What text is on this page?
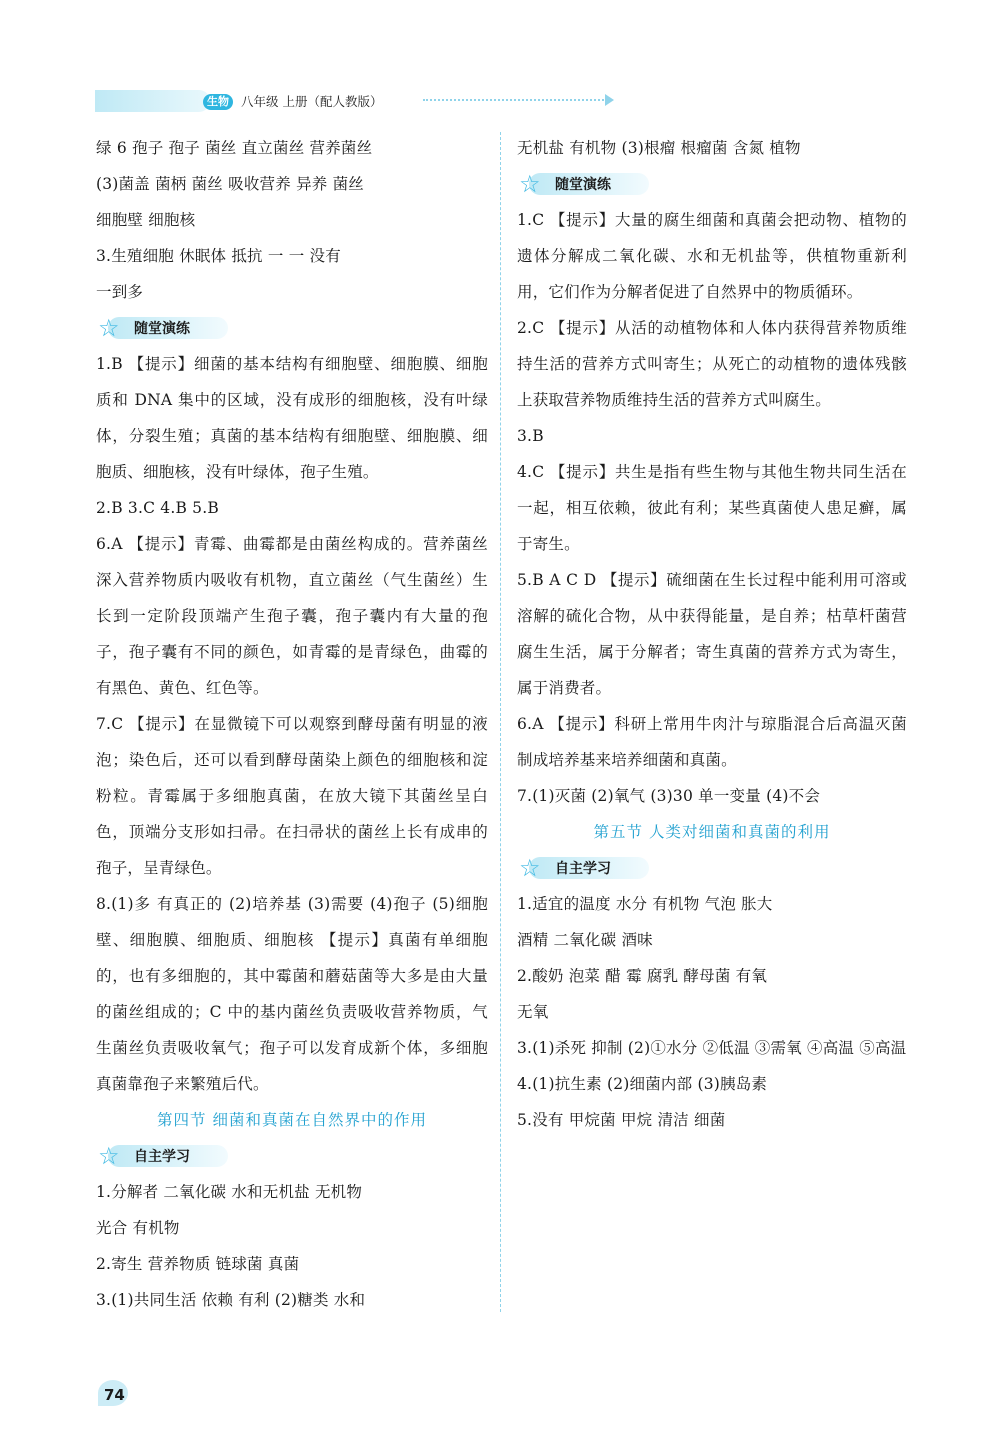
生物 八年级 上册（配人教版）

绿 6 孢子 孢子 菌丝 直立菌丝 营养菌丝

(3)菌盖 菌柄 菌丝 吸收营养 异养 菌丝

细胞壁 细胞核

3.生殖细胞 休眠体 抵抗 一 一 没有

一到多

☆	随堂演练

1.B 【提示】细菌的基本结构有细胞壁、细胞膜、细胞质和 DNA 集中的区域，没有成形的细胞核，没有叶绿体，分裂生殖；真菌的基本结构有细胞壁、细胞膜、细胞质、细胞核，没有叶绿体，孢子生殖。

2.B 3.C 4.B 5.B

6.A 【提示】青霉、曲霉都是由菌丝构成的。营养菌丝深入营养物质内吸收有机物，直立菌丝（气生菌丝）生长到一定阶段顶端产生孢子囊，孢子囊内有大量的孢子，孢子囊有不同的颜色，如青霉的是青绿色，曲霉的有黑色、黄色、红色等。

7.C 【提示】在显微镜下可以观察到酵母菌有明显的液泡；染色后，还可以看到酵母菌染上颜色的细胞核和淀粉粒。青霉属于多细胞真菌，在放大镜下其菌丝呈白色，顶端分支形如扫帚。在扫帚状的菌丝上长有成串的孢子，呈青绿色。

8.(1)多 有真正的 (2)培养基 (3)需要 (4)孢子 (5)细胞壁、细胞膜、细胞质、细胞核 【提示】真菌有单细胞的，也有多细胞的，其中霉菌和蘑菇菌等大多是由大量的菌丝组成的；C 中的基内菌丝负责吸收营养物质，气生菌丝负责吸收氧气；孢子可以发育成新个体，多细胞真菌靠孢子来繁殖后代。

第四节 细菌和真菌在自然界中的作用

☆	自主学习

1.分解者 二氧化碳 水和无机盐 无机物

光合 有机物

2.寄生 营养物质 链球菌 真菌

3.(1)共同生活 依赖 有利 (2)糖类 水和

无机盐 有机物 (3)根瘤 根瘤菌 含氮 植物

☆	随堂演练

1.C 【提示】大量的腐生细菌和真菌会把动物、植物的遗体分解成二氧化碳、水和无机盐等，供植物重新利用，它们作为分解者促进了自然界中的物质循环。

2.C 【提示】从活的动植物体和人体内获得营养物质维持生活的营养方式叫寄生；从死亡的动植物的遗体残骸上获取营养物质维持生活的营养方式叫腐生。

3.B

4.C 【提示】共生是指有些生物与其他生物共同生活在一起，相互依赖，彼此有利；某些真菌使人患足癣，属于寄生。

5.B A C D 【提示】硫细菌在生长过程中能利用可溶或溶解的硫化合物，从中获得能量，是自养；枯草杆菌营腐生生活，属于分解者；寄生真菌的营养方式为寄生，属于消费者。

6.A 【提示】科研上常用牛肉汁与琼脂混合后高温灭菌制成培养基来培养细菌和真菌。

7.(1)灭菌 (2)氧气 (3)30 单一变量 (4)不会

第五节 人类对细菌和真菌的利用

☆	自主学习

1.适宜的温度 水分 有机物 气泡 胀大

酒精 二氧化碳 酒味

2.酸奶 泡菜 醋 霉 腐乳 酵母菌 有氧

无氧

3.(1)杀死 抑制 (2)①水分 ②低温 ③需氧 ④高温 ⑤高温

4.(1)抗生素 (2)细菌内部 (3)胰岛素

5.没有 甲烷菌 甲烷 清洁 细菌

74
